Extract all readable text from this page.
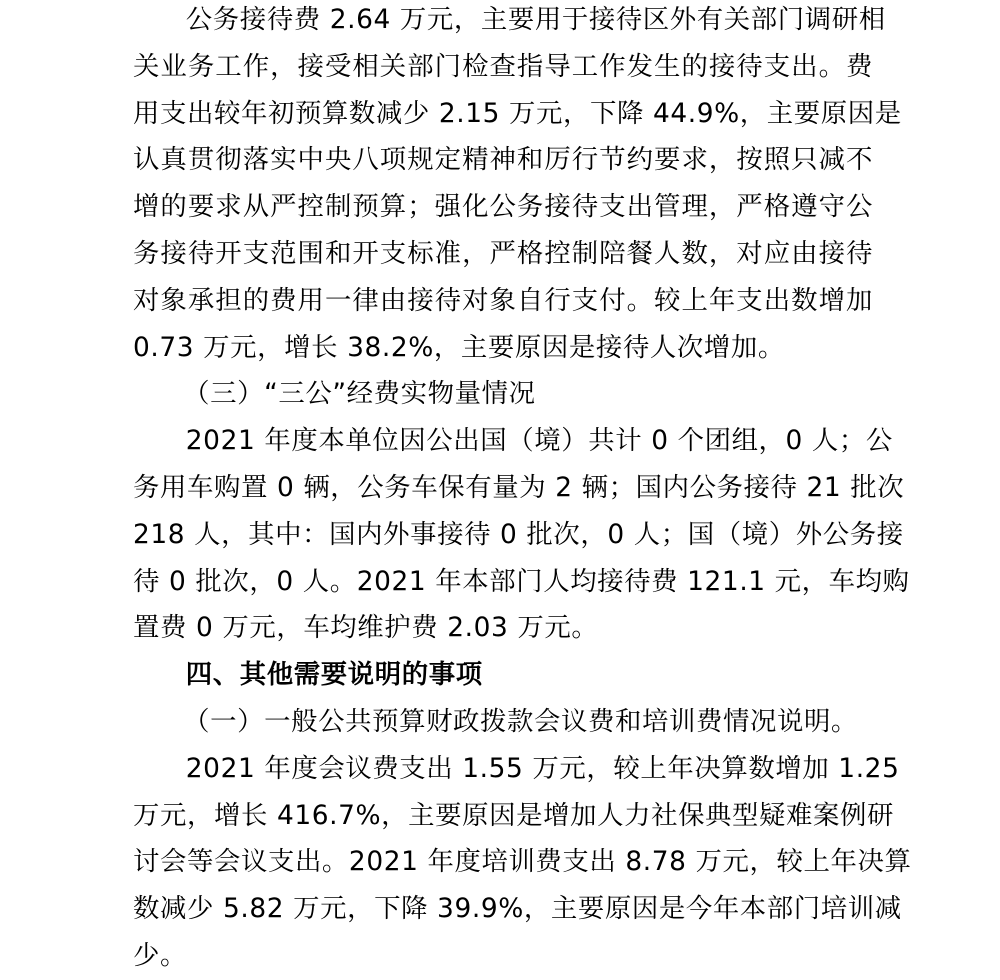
公务接待费 2.64 万元，主要用于接待区外有关部门调研相
关业务工作，接受相关部门检查指导工作发生的接待支出。费
用支出较年初预算数减少 2.15 万元，下降 44.9%，主要原因是
认真贯彻落实中央八项规定精神和厉行节约要求，按照只减不
增的要求从严控制预算；强化公务接待支出管理，严格遵守公
务接待开支范围和开支标准，严格控制陪餐人数，对应由接待
对象承担的费用一律由接待对象自行支付。较上年支出数增加
0.73 万元，增长 38.2%，主要原因是接待人次增加。

（三）“三公”经费实物量情况

2021 年度本单位因公出国（境）共计 0 个团组，0 人；公
务用车购置 0 辆，公务车保有量为 2 辆；国内公务接待 21 批次
218 人，其中：国内外事接待 0 批次，0 人；国（境）外公务接
待 0 批次，0 人。2021 年本部门人均接待费 121.1 元，车均购
置费 0 万元，车均维护费 2.03 万元。

四、其他需要说明的事项

（一）一般公共预算财政拨款会议费和培训费情况说明。

2021 年度会议费支出 1.55 万元，较上年决算数增加 1.25
万元，增长 416.7%，主要原因是增加人力社保典型疑难案例研
讨会等会议支出。2021 年度培训费支出 8.78 万元，较上年决算
数减少 5.82 万元，下降 39.9%，主要原因是今年本部门培训减
少。
